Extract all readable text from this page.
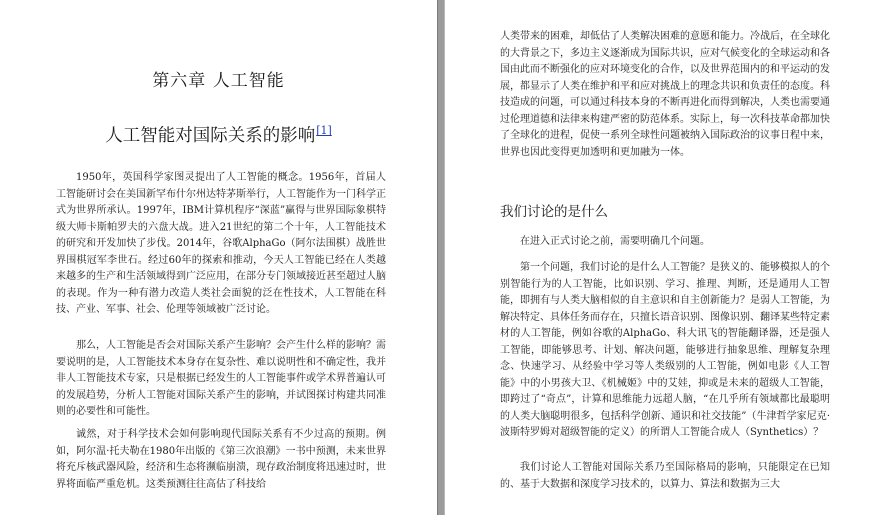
第六章 人工智能
人工智能对国际关系的影响[1]

1950年，英国科学家图灵提出了人工智能的概念。1956年，首届人工智能研讨会在美国新罕布什尔州达特茅斯举行，人工智能作为一门科学正式为世界所承认。1997年，IBM计算机程序“深蓝”赢得与世界国际象棋特级大师卡斯帕罗夫的六盘大战。进入21世纪的第二个十年，人工智能技术的研究和开发加快了步伐。2014年，谷歌AlphaGo（阿尔法围棋）战胜世界围棋冠军李世石。经过60年的探索和推动，今天人工智能已经在人类越来越多的生产和生活领域得到广泛应用，在部分专门领域接近甚至超过人脑的表现。作为一种有潜力改造人类社会面貌的泛在性技术，人工智能在科技、产业、军事、社会、伦理等领域被广泛讨论。

那么，人工智能是否会对国际关系产生影响？会产生什么样的影响？需要说明的是，人工智能技术本身存在复杂性、难以说明性和不确定性，我并非人工智能技术专家，只是根据已经发生的人工智能事件或学术界普遍认可的发展趋势，分析人工智能对国际关系产生的影响，并试图探讨构建共同准则的必要性和可能性。

诚然，对于科学技术会如何影响现代国际关系有不少过高的预期。例如，阿尔温·托夫勒在1980年出版的《第三次浪潮》一书中预测，未来世界将充斥核武器风险，经济和生态将濒临崩溃，现存政治制度将迅速过时，世界将面临严重危机。这类预测往往高估了科技给

人类带来的困难，却低估了人类解决困难的意愿和能力。冷战后，在全球化的大背景之下，多边主义逐渐成为国际共识，应对气候变化的全球运动和各国由此而不断强化的应对环境变化的合作，以及世界范围内的和平运动的发展，都显示了人类在维护和平和应对挑战上的理念共识和负责任的态度。科技造成的问题，可以通过科技本身的不断再进化而得到解决，人类也需要通过伦理道德和法律来构建严密的防范体系。实际上，每一次科技革命都加快了全球化的进程，促使一系列全球性问题被纳入国际政治的议事日程中来，世界也因此变得更加透明和更加融为一体。

我们讨论的是什么

在进入正式讨论之前，需要明确几个问题。

第一个问题，我们讨论的是什么人工智能？是狭义的、能够模拟人的个别智能行为的人工智能，比如识别、学习、推理、判断，还是通用人工智能，即拥有与人类大脑相似的自主意识和自主创新能力？是弱人工智能，为解决特定、具体任务而存在，只擅长语音识别、图像识别、翻译某些特定素材的人工智能，例如谷歌的AlphaGo、科大讯飞的智能翻译器，还是强人工智能，即能够思考、计划、解决问题，能够进行抽象思维、理解复杂理念、快速学习、从经验中学习等人类级别的人工智能，例如电影《人工智能》中的小男孩大卫、《机械姬》中的艾娃，抑或是未来的超级人工智能，即跨过了“奇点”，计算和思维能力远超人脑，“在几乎所有领域都比最聪明的人类大脑聪明很多，包括科学创新、通识和社交技能”（牛津哲学家尼克·波斯特罗姆对超级智能的定义）的所谓人工智能合成人（Synthetics）？

我们讨论人工智能对国际关系乃至国际格局的影响，只能限定在已知的、基于大数据和深度学习技术的，以算力、算法和数据为三大
